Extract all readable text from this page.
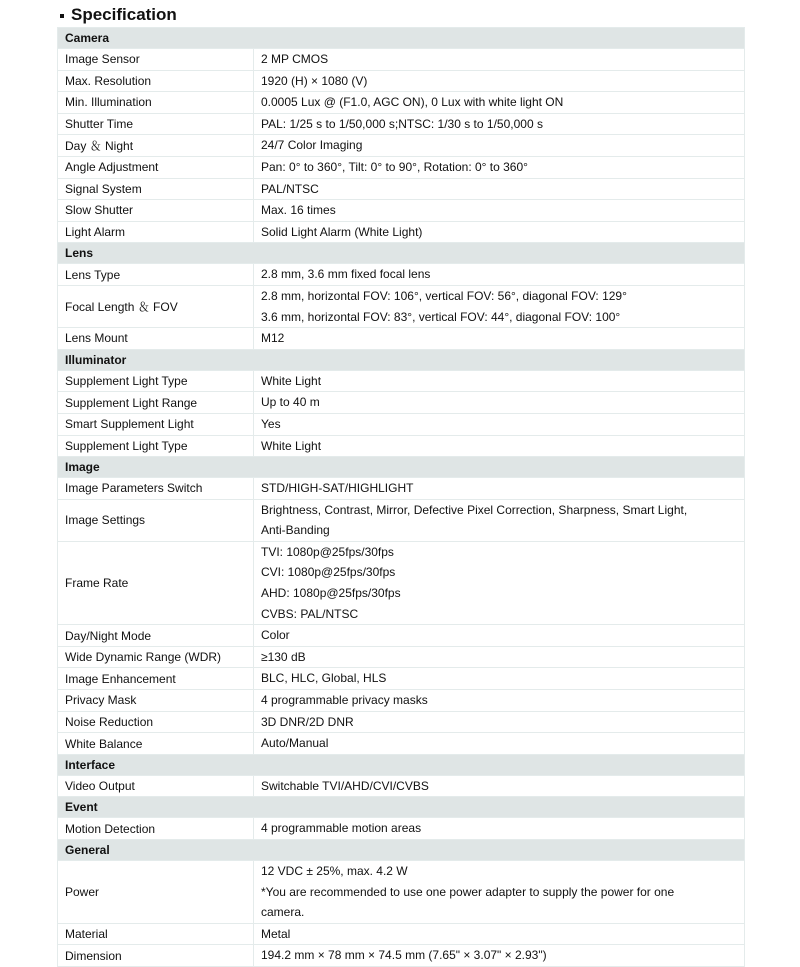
Specification
Camera	
Image Sensor	2 MP CMOS

Max. Resolution	1920 (H) × 1080 (V)

Min. Illumination	0.0005 Lux @ (F1.0, AGC ON), 0 Lux with white light ON

Shutter Time	PAL: 1/25 s to 1/50,000 s;NTSC: 1/30 s to 1/50,000 s

Day ＆ Night	24/7 Color Imaging

Angle Adjustment	Pan: 0° to 360°, Tilt: 0° to 90°, Rotation: 0° to 360°

Signal System	PAL/NTSC

Slow Shutter	Max. 16 times

Light Alarm	Solid Light Alarm (White Light)

Lens	
Lens Type	2.8 mm, 3.6 mm fixed focal lens

Focal Length ＆ FOV	2.8 mm, horizontal FOV: 106°, vertical FOV: 56°, diagonal FOV: 129°
3.6 mm, horizontal FOV: 83°, vertical FOV: 44°, diagonal FOV: 100°

Lens Mount	M12

Illuminator	
Supplement Light Type	White Light

Supplement Light Range	Up to 40 m

Smart Supplement Light	Yes

Supplement Light Type	White Light

Image	
Image Parameters Switch	STD/HIGH-SAT/HIGHLIGHT

Image Settings	Brightness, Contrast, Mirror, Defective Pixel Correction, Sharpness, Smart Light,
Anti-Banding

Frame Rate	TVI: 1080p@25fps/30fps
CVI: 1080p@25fps/30fps
AHD: 1080p@25fps/30fps
CVBS: PAL/NTSC

Day/Night Mode	Color

Wide Dynamic Range (WDR)	≥130 dB

Image Enhancement	BLC, HLC, Global, HLS

Privacy Mask	4 programmable privacy masks

Noise Reduction	3D DNR/2D DNR

White Balance	Auto/Manual

Interface	
Video Output	Switchable TVI/AHD/CVI/CVBS

Event	
Motion Detection	4 programmable motion areas

General	
Power	12 VDC ± 25%, max. 4.2 W
*You are recommended to use one power adapter to supply the power for one
camera.

Material	Metal

Dimension	194.2 mm × 78 mm × 74.5 mm (7.65" × 3.07" × 2.93")
